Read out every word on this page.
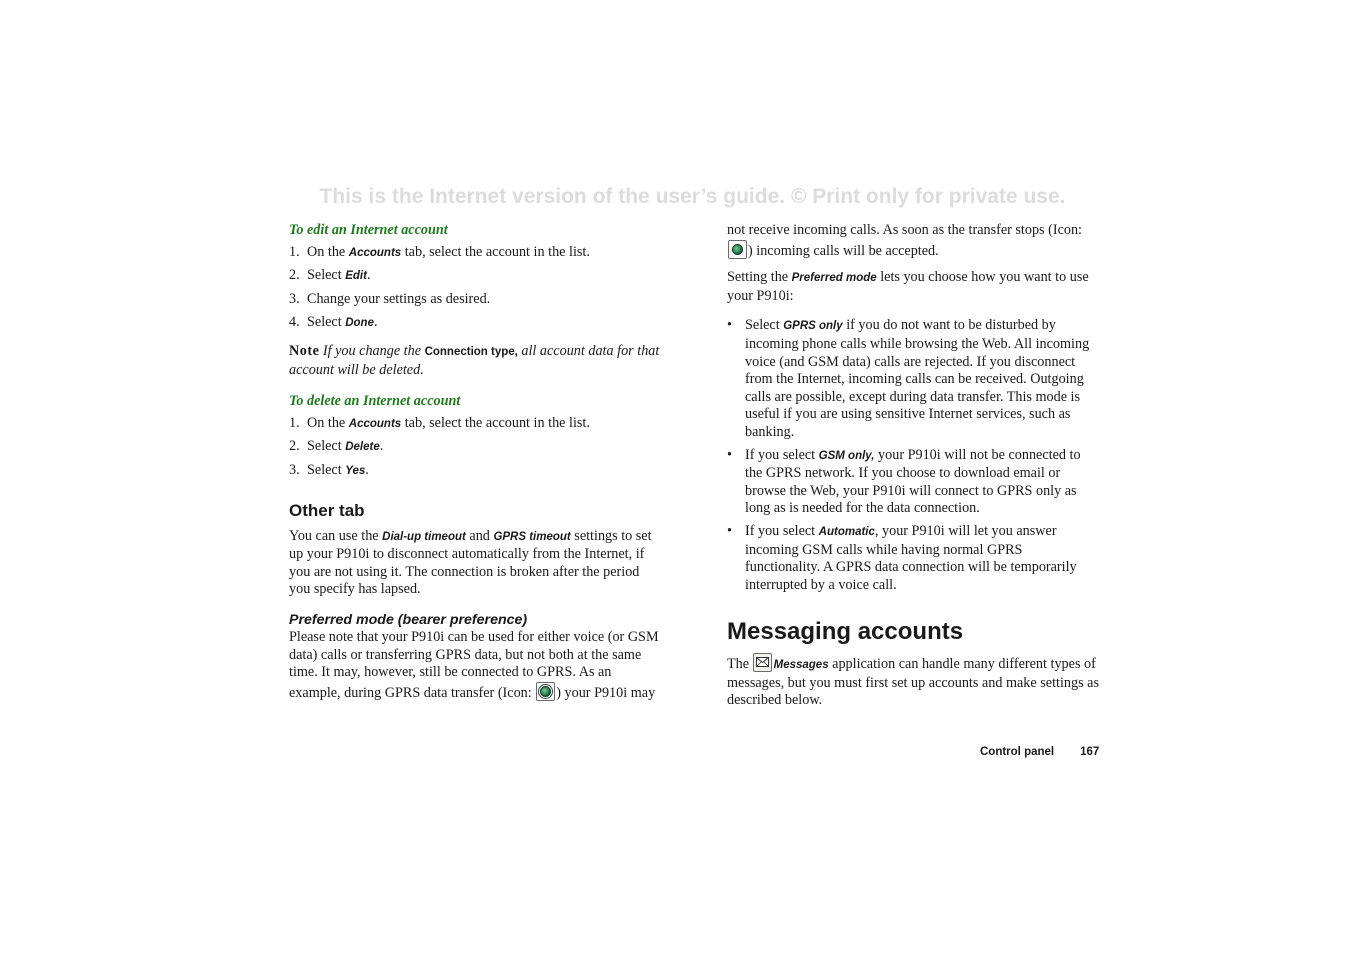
This is the Internet version of the user’s guide. © Print only for private use.
To edit an Internet account
1. On the Accounts tab, select the account in the list.
2. Select Edit.
3. Change your settings as desired.
4. Select Done.
Note If you change the Connection type, all account data for that account will be deleted.
To delete an Internet account
1. On the Accounts tab, select the account in the list.
2. Select Delete.
3. Select Yes.
Other tab
You can use the Dial-up timeout and GPRS timeout settings to set up your P910i to disconnect automatically from the Internet, if you are not using it. The connection is broken after the period you specify has lapsed.
Preferred mode (bearer preference)
Please note that your P910i can be used for either voice (or GSM data) calls or transferring GPRS data, but not both at the same time. It may, however, still be connected to GPRS. As an example, during GPRS data transfer (Icon: ) your P910i may
not receive incoming calls. As soon as the transfer stops (Icon: ) incoming calls will be accepted.
Setting the Preferred mode lets you choose how you want to use your P910i:
• Select GPRS only if you do not want to be disturbed by incoming phone calls while browsing the Web. All incoming voice (and GSM data) calls are rejected. If you disconnect from the Internet, incoming calls can be received. Outgoing calls are possible, except during data transfer. This mode is useful if you are using sensitive Internet services, such as banking.
• If you select GSM only, your P910i will not be connected to the GPRS network. If you choose to download email or browse the Web, your P910i will connect to GPRS only as long as is needed for the data connection.
• If you select Automatic, your P910i will let you answer incoming GSM calls while having normal GPRS functionality. A GPRS data connection will be temporarily interrupted by a voice call.
Messaging accounts
The
Messages application can handle many different types of messages, but you must first set up accounts and make settings as described below.
Control panel 167
